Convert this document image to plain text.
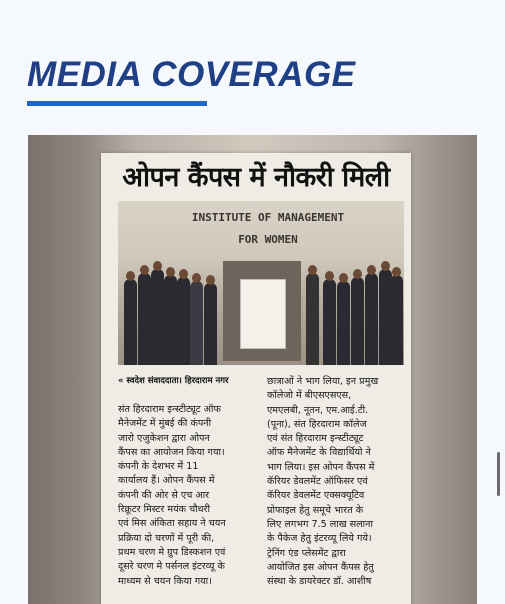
MEDIA COVERAGE
ओपन कैंपस में नौकरी मिली
INSTITUTE OF MANAGEMENT
FOR WOMEN
« स्वदेश संवाददाता। हिरदाराम नगर

संत हिरदाराम इन्स्टीट्यूट ऑफ

मैनेजमेंट में मुंबई की कंपनी

जारो एजुकेशन द्वारा ओपन

कैंपस का आयोजन किया गया।

कंपनी के देशभर में 11

कार्यालय हैं। ओपन कैंपस में

कंपनी की ओर से एच आर

रिक्रूटर मिस्टर मयंक चौधरी

एवं मिस अंकिता सहाय ने चयन

प्रक्रिया दो चरणों में पूरी की,

प्रथम चरण मे ग्रुप डिस्कशन एवं

दूसरे चरण मे पर्सनल इंटरव्यू के

माध्यम से चयन किया गया।

छात्राओं ने भाग लिया, इन प्रमुख

कॉलेजो में बीएसएसएस,

एमएलबी, नूतन, एम.आई.टी.

(पूना), संत हिरदाराम कॉलेज

एवं संत हिरदाराम इन्स्टीट्यूट

ऑफ मैनेजमेंट के विद्यार्थियो ने

भाग लिया। इस ओपन कैंपस में

कॅरियर डेवलमेंट ऑफिसर एवं

कॅरियर डेवलमेंट एक्सक्यूटिव

प्रोफाइल हेतु समूचे भारत के

लिए लगभग 7.5 लाख सलाना

के पैकेज हेतु इंटरव्यू लिये गये।

ट्रेनिंग एंड प्लेसमेंट द्वारा

आयोजित इस ओपन कैंपस हेतु

संस्था के डायरेक्टर डॉ. आशीष
